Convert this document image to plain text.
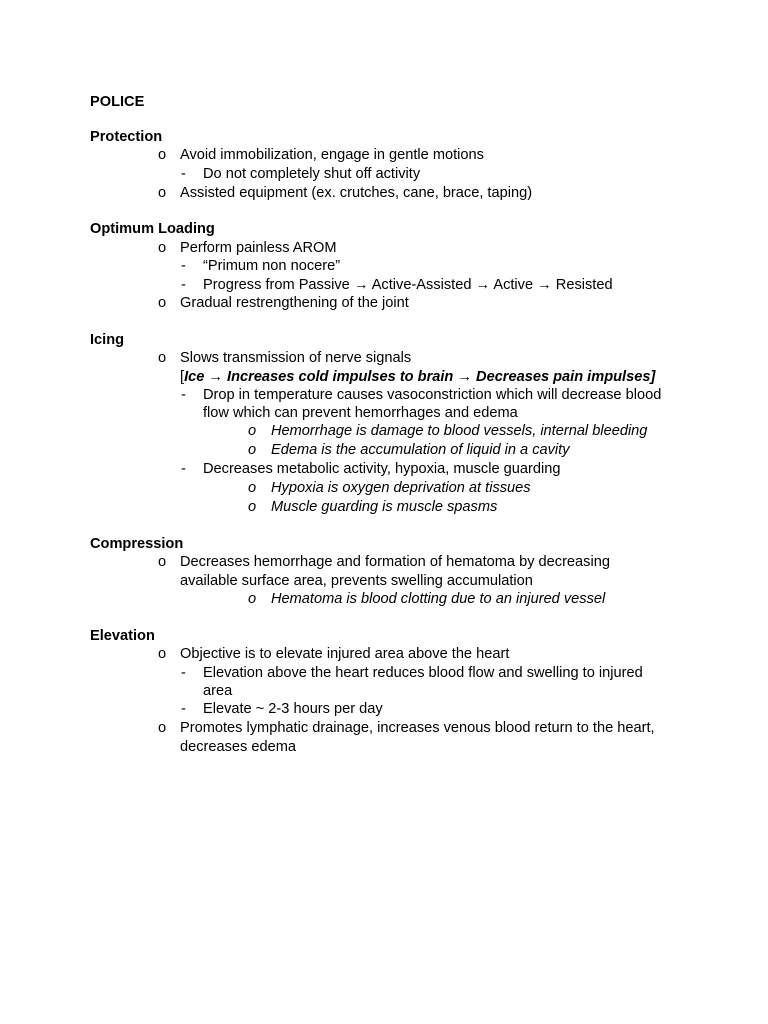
POLICE
Protection
o Avoid immobilization, engage in gentle motions
- Do not completely shut off activity
o Assisted equipment (ex. crutches, cane, brace, taping)
Optimum Loading
o Perform painless AROM
- “Primum non nocere”
- Progress from Passive → Active-Assisted → Active → Resisted
o Gradual restrengthening of the joint
Icing
o Slows transmission of nerve signals
[Ice → Increases cold impulses to brain → Decreases pain impulses]
- Drop in temperature causes vasoconstriction which will decrease blood
flow which can prevent hemorrhages and edema
o Hemorrhage is damage to blood vessels, internal bleeding
o Edema is the accumulation of liquid in a cavity
- Decreases metabolic activity, hypoxia, muscle guarding
o Hypoxia is oxygen deprivation at tissues
o Muscle guarding is muscle spasms
Compression
o Decreases hemorrhage and formation of hematoma by decreasing
available surface area, prevents swelling accumulation
o Hematoma is blood clotting due to an injured vessel
Elevation
o Objective is to elevate injured area above the heart
- Elevation above the heart reduces blood flow and swelling to injured
area
- Elevate ~ 2-3 hours per day
o Promotes lymphatic drainage, increases venous blood return to the heart,
decreases edema
